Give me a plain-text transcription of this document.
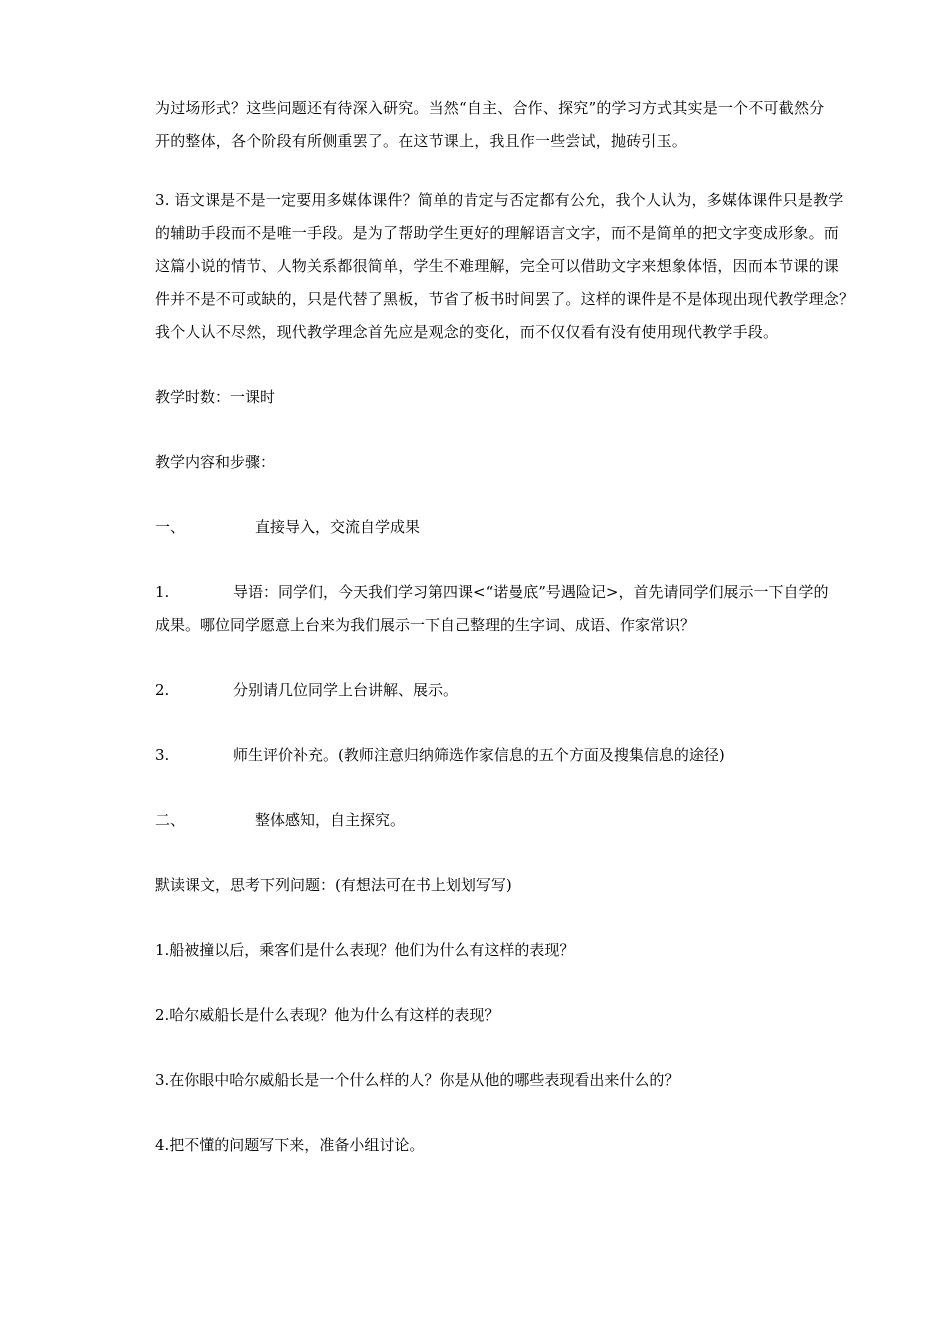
为过场形式？这些问题还有待深入研究。当然“自主、合作、探究”的学习方式其实是一个不可截然分

开的整体，各个阶段有所侧重罢了。在这节课上，我且作一些尝试，抛砖引玉。

3. 语文课是不是一定要用多媒体课件？简单的肯定与否定都有公允，我个人认为，多媒体课件只是教学

的辅助手段而不是唯一手段。是为了帮助学生更好的理解语言文字，而不是简单的把文字变成形象。而

这篇小说的情节、人物关系都很简单，学生不难理解，完全可以借助文字来想象体悟，因而本节课的课

件并不是不可或缺的，只是代替了黑板，节省了板书时间罢了。这样的课件是不是体现出现代教学理念？

我个人认不尽然，现代教学理念首先应是观念的变化，而不仅仅看有没有使用现代教学手段。

教学时数：一课时

教学内容和步骤：

一、	直接导入，交流自学成果
1.	导语：同学们，今天我们学习第四课<“诺曼底”号遇险记>，首先请同学们展示一下自学的

成果。哪位同学愿意上台来为我们展示一下自己整理的生字词、成语、作家常识？

2.	分别请几位同学上台讲解、展示。
3.	师生评价补充。(教师注意归纳筛选作家信息的五个方面及搜集信息的途径)
二、	整体感知，自主探究。

默读课文，思考下列问题：(有想法可在书上划划写写)

1.船被撞以后，乘客们是什么表现？他们为什么有这样的表现？

2.哈尔威船长是什么表现？他为什么有这样的表现？

3.在你眼中哈尔威船长是一个什么样的人？你是从他的哪些表现看出来什么的？

4.把不懂的问题写下来，准备小组讨论。
